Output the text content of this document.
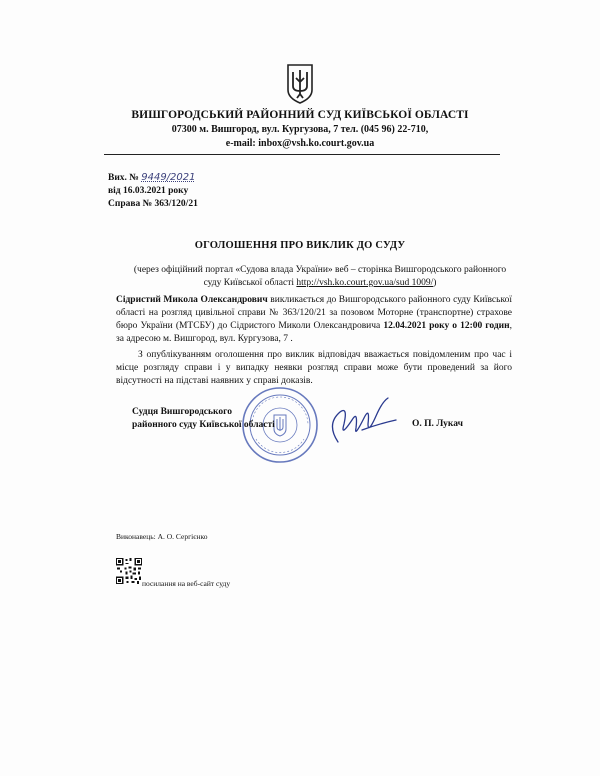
ВИШГОРОДСЬКИЙ РАЙОННИЙ СУД КИЇВСЬКОЇ ОБЛАСТІ
07300 м. Вишгород, вул. Кургузова, 7 тел. (045 96) 22-710,
e-mail: inbox@vsh.ko.court.gov.ua
Вих. № 9449/2021
від 16.03.2021 року
Справа № 363/120/21
ОГОЛОШЕННЯ ПРО ВИКЛИК ДО СУДУ
(через офіційний портал «Судова влада України» веб – сторінка Вишгородського районного суду Київської області http://vsh.ko.court.gov.ua/sud 1009/)
Сідристий Микола Олександрович викликається до Вишгородського районного суду Київської області на розгляд цивільної справи № 363/120/21 за позовом Моторне (транспортне) страхове бюро України (МТСБУ) до Сідристого Миколи Олександровича 12.04.2021 року о 12:00 годин, за адресою м. Вишгород, вул. Кургузова, 7 .
З опублікуванням оголошення про виклик відповідач вважається повідомленим про час і місце розгляду справи і у випадку неявки розгляд справи може бути проведений за його відсутності на підставі наявних у справі доказів.
Судця Вишгородського
районного суду Київської області	О. П. Лукач
Виконавець: А. О. Сергієнко
посилання на веб-сайт суду
